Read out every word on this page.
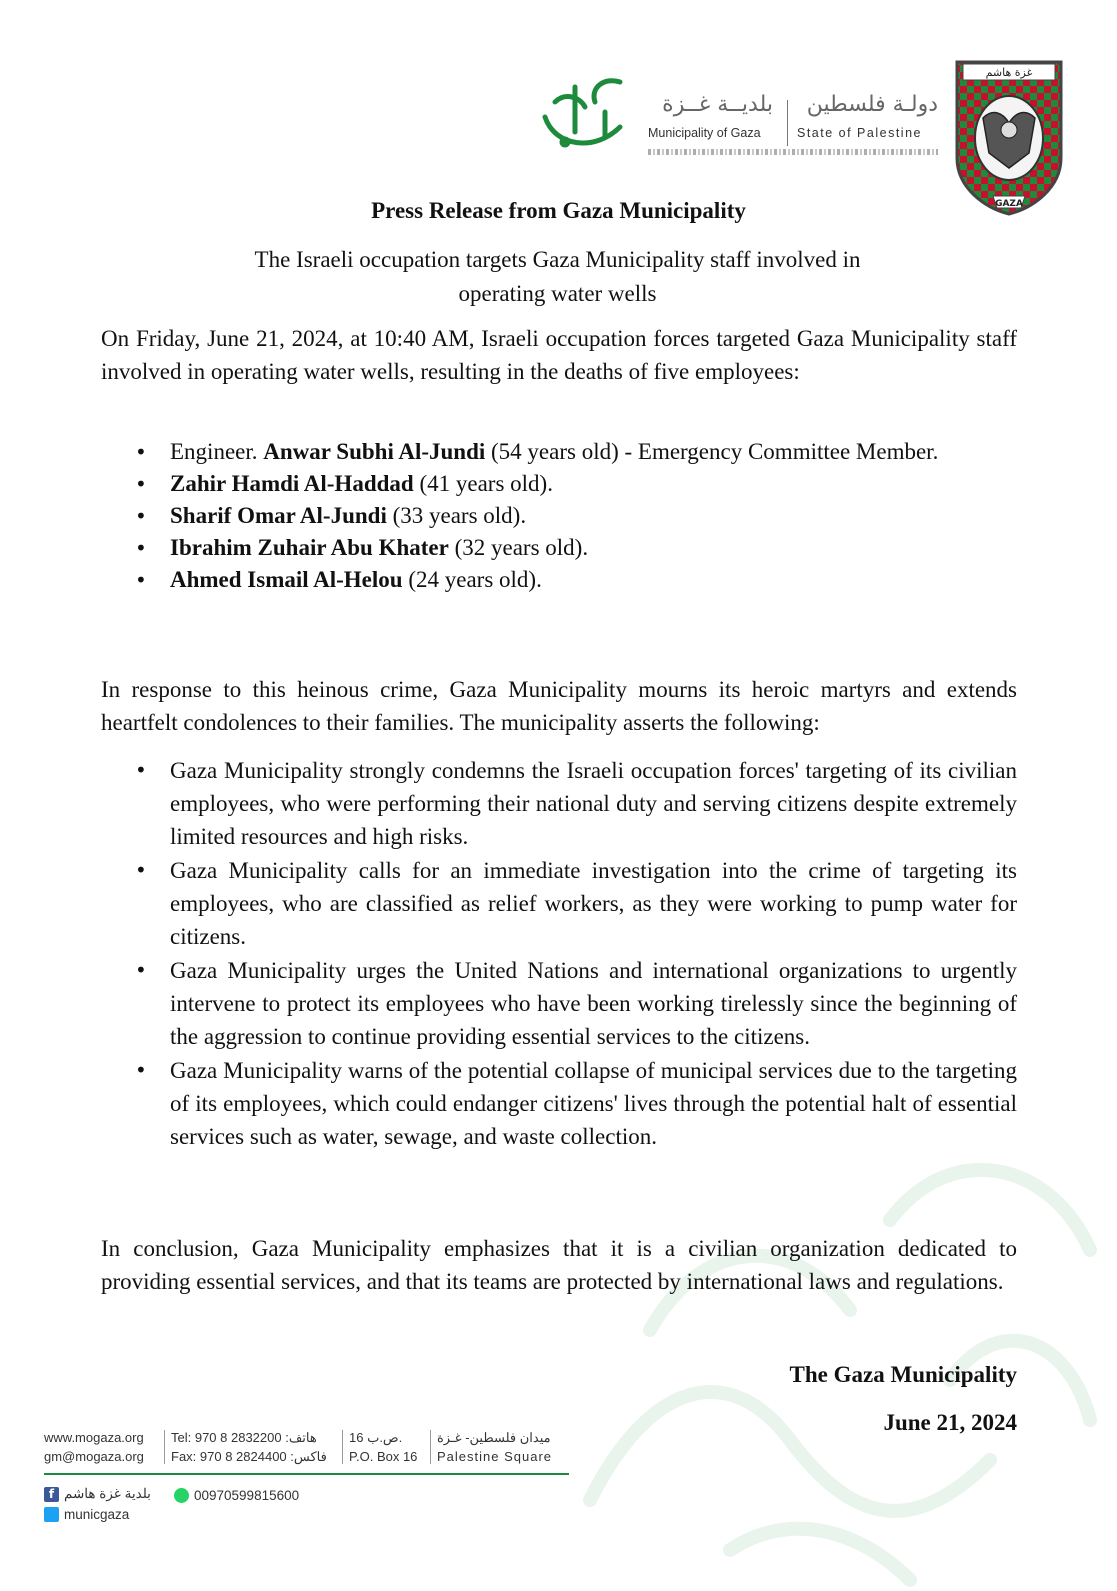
بلديــة غــزة	دولـة فلسطين
Municipality of Gaza	State of Palestine
غزة هاشم
GAZA
Press Release from Gaza Municipality
The Israeli occupation targets Gaza Municipality staff involved in
operating water wells

On Friday, June 21, 2024, at 10:40 AM, Israeli occupation forces targeted Gaza Municipality staff involved in operating water wells, resulting in the deaths of five employees:

• Engineer. Anwar Subhi Al-Jundi (54 years old) - Emergency Committee Member.
• Zahir Hamdi Al-Haddad (41 years old).
• Sharif Omar Al-Jundi (33 years old).
• Ibrahim Zuhair Abu Khater (32 years old).
• Ahmed Ismail Al-Helou (24 years old).

In response to this heinous crime, Gaza Municipality mourns its heroic martyrs and extends heartfelt condolences to their families. The municipality asserts the following:

• Gaza Municipality strongly condemns the Israeli occupation forces' targeting of its civilian employees, who were performing their national duty and serving citizens despite extremely limited resources and high risks.
• Gaza Municipality calls for an immediate investigation into the crime of targeting its employees, who are classified as relief workers, as they were working to pump water for citizens.
• Gaza Municipality urges the United Nations and international organizations to urgently intervene to protect its employees who have been working tirelessly since the beginning of the aggression to continue providing essential services to the citizens.
• Gaza Municipality warns of the potential collapse of municipal services due to the targeting of its employees, which could endanger citizens' lives through the potential halt of essential services such as water, sewage, and waste collection.

In conclusion, Gaza Municipality emphasizes that it is a civilian organization dedicated to providing essential services, and that its teams are protected by international laws and regulations.

The Gaza Municipality
June 21, 2024
www.mogaza.org
gm@mogaza.org
Tel: 970 8 2832200 :هاتف
Fax: 970 8 2824400 :فاكس
16 ص.ب.
P.O. Box 16
ميدان فلسطين- غـزة
Palestine Square
f بلدية غزة هاشم	00970599815600
municgaza
